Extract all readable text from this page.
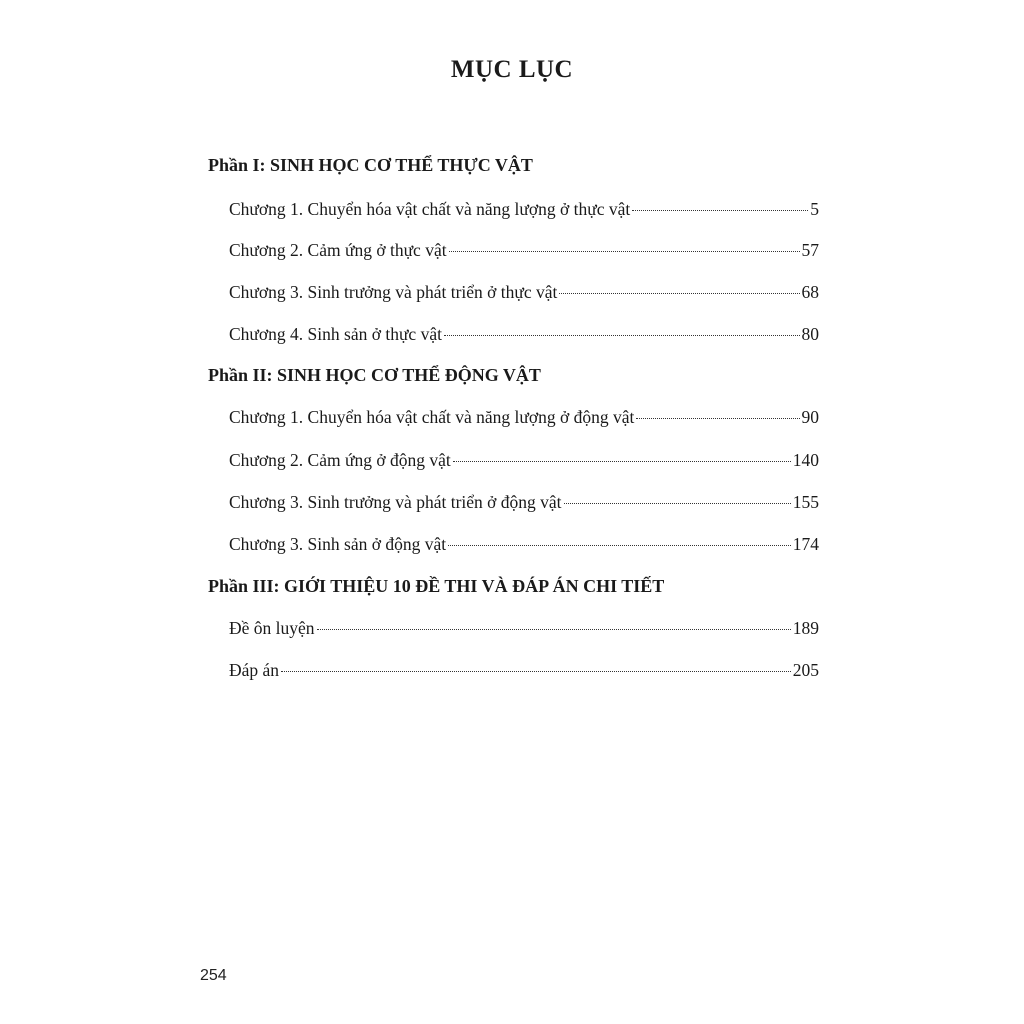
MỤC LỤC
Phần I: SINH HỌC CƠ THỂ THỰC VẬT
Chương 1. Chuyển hóa vật chất và năng lượng ở thực vật	5
Chương 2. Cảm ứng ở thực vật	57
Chương 3. Sinh trưởng và phát triển ở thực vật	68
Chương 4. Sinh sản ở thực vật	80
Phần II: SINH HỌC CƠ THỂ ĐỘNG VẬT
Chương 1. Chuyển hóa vật chất và năng lượng ở động vật	90
Chương 2. Cảm ứng ở động vật	140
Chương 3. Sinh trưởng và phát triển ở động vật	155
Chương 3. Sinh sản ở động vật	174
Phần III: GIỚI THIỆU 10 ĐỀ THI VÀ ĐÁP ÁN CHI TIẾT
Đề ôn luyện	189
Đáp án	205
254
